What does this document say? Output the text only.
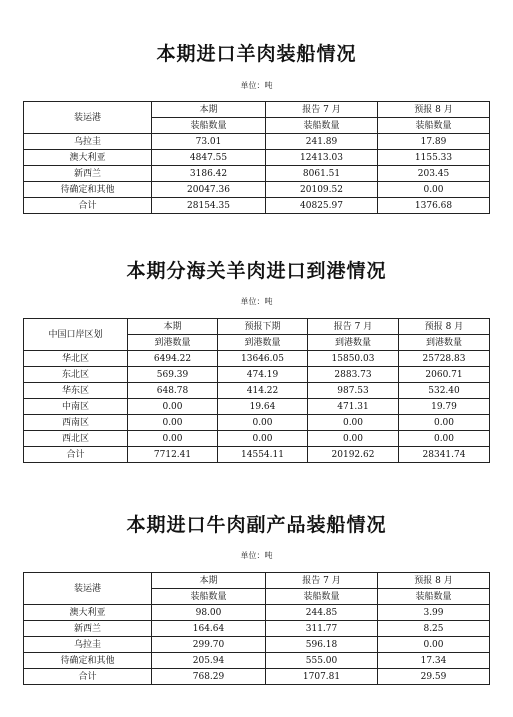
本期进口羊肉装船情况

单位：吨

装运港	本期	报告 7 月	预报 8 月
	装船数量	装船数量	装船数量
乌拉圭	73.01	241.89	17.89
澳大利亚	4847.55	12413.03	1155.33
新西兰	3186.42	8061.51	203.45
待确定和其他	20047.36	20109.52	0.00
合计	28154.35	40825.97	1376.68
本期分海关羊肉进口到港情况

单位：吨

中国口岸区划	本期	预报下期	报告 7 月	预报 8 月
	到港数量	到港数量	到港数量	到港数量
华北区	6494.22	13646.05	15850.03	25728.83
东北区	569.39	474.19	2883.73	2060.71
华东区	648.78	414.22	987.53	532.40
中南区	0.00	19.64	471.31	19.79
西南区	0.00	0.00	0.00	0.00
西北区	0.00	0.00	0.00	0.00
合计	7712.41	14554.11	20192.62	28341.74
本期进口牛肉副产品装船情况

单位：吨

装运港	本期	报告 7 月	预报 8 月
	装船数量	装船数量	装船数量
澳大利亚	98.00	244.85	3.99
新西兰	164.64	311.77	8.25
乌拉圭	299.70	596.18	0.00
待确定和其他	205.94	555.00	17.34
合计	768.29	1707.81	29.59
